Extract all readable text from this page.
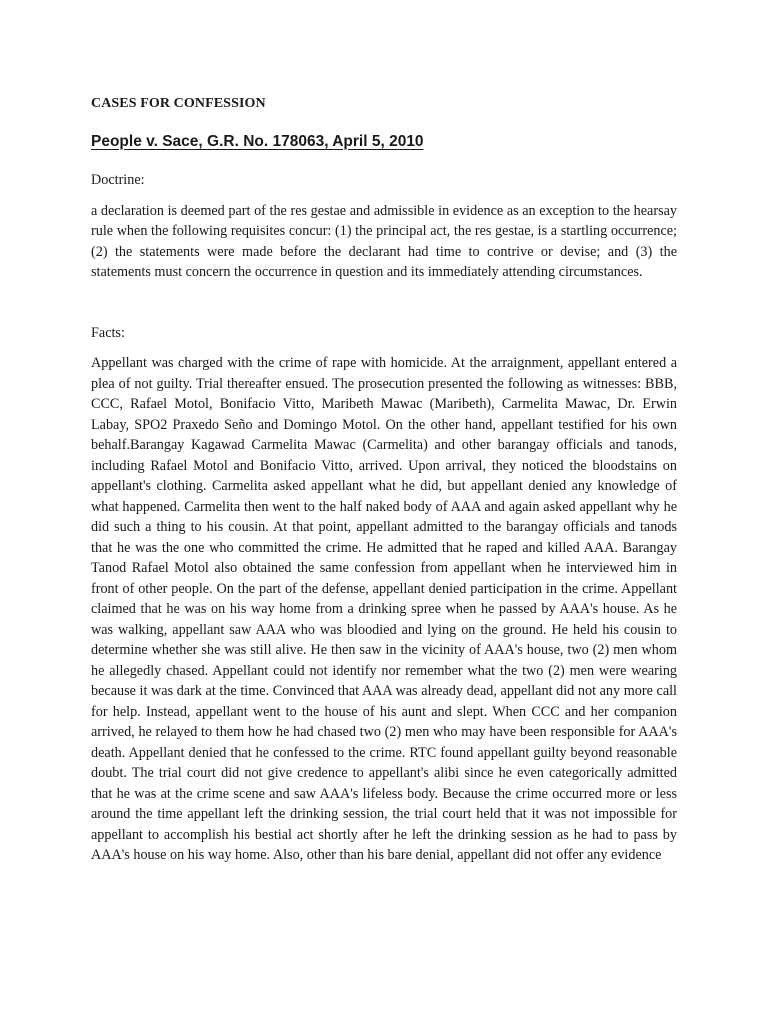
CASES FOR CONFESSION
People v. Sace, G.R. No. 178063, April 5, 2010
Doctrine:

a declaration is deemed part of the res gestae and admissible in evidence as an exception to the hearsay rule when the following requisites concur: (1) the principal act, the res gestae, is a startling occurrence; (2) the statements were made before the declarant had time to contrive or devise; and (3) the statements must concern the occurrence in question and its immediately attending circumstances.

Facts:

Appellant was charged with the crime of rape with homicide. At the arraignment, appellant entered a plea of not guilty. Trial thereafter ensued. The prosecution presented the following as witnesses: BBB, CCC, Rafael Motol, Bonifacio Vitto, Maribeth Mawac (Maribeth), Carmelita Mawac, Dr. Erwin Labay, SPO2 Praxedo Seño and Domingo Motol. On the other hand, appellant testified for his own behalf.Barangay Kagawad Carmelita Mawac (Carmelita) and other barangay officials and tanods, including Rafael Motol and Bonifacio Vitto, arrived. Upon arrival, they noticed the bloodstains on appellant's clothing. Carmelita asked appellant what he did, but appellant denied any knowledge of what happened. Carmelita then went to the half naked body of AAA and again asked appellant why he did such a thing to his cousin. At that point, appellant admitted to the barangay officials and tanods that he was the one who committed the crime. He admitted that he raped and killed AAA. Barangay Tanod Rafael Motol also obtained the same confession from appellant when he interviewed him in front of other people. On the part of the defense, appellant denied participation in the crime. Appellant claimed that he was on his way home from a drinking spree when he passed by AAA's house. As he was walking, appellant saw AAA who was bloodied and lying on the ground. He held his cousin to determine whether she was still alive. He then saw in the vicinity of AAA's house, two (2) men whom he allegedly chased. Appellant could not identify nor remember what the two (2) men were wearing because it was dark at the time. Convinced that AAA was already dead, appellant did not any more call for help. Instead, appellant went to the house of his aunt and slept. When CCC and her companion arrived, he relayed to them how he had chased two (2) men who may have been responsible for AAA's death. Appellant denied that he confessed to the crime. RTC found appellant guilty beyond reasonable doubt. The trial court did not give credence to appellant's alibi since he even categorically admitted that he was at the crime scene and saw AAA's lifeless body. Because the crime occurred more or less around the time appellant left the drinking session, the trial court held that it was not impossible for appellant to accomplish his bestial act shortly after he left the drinking session as he had to pass by AAA's house on his way home. Also, other than his bare denial, appellant did not offer any evidence
